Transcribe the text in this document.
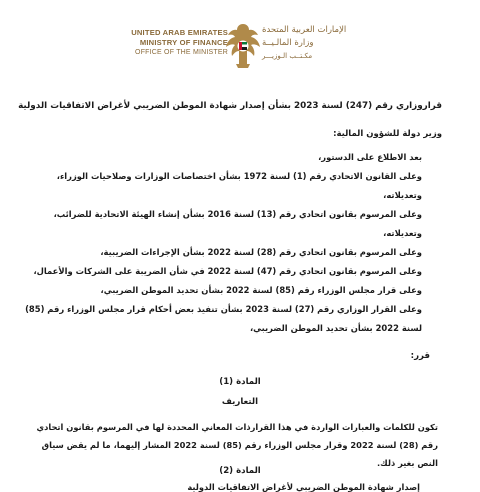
UNITED ARAB EMIRATES
MINISTRY OF FINANCE
OFFICE OF THE MINISTER
الإمارات العربية المتحدة
وزارة المالـيــة
مكـتــب الـوزيـــر

قراروزاري رقم (247) لسنة 2023 بشأن إصدار شهادة الموطن الضريبي لأغراض الاتفاقيات الدولية

وزير دولة للشؤون المالية:

بعد الاطلاع على الدستور،
وعلى القانون الاتحادي رقم (1) لسنة 1972 بشأن اختصاصات الوزارات وصلاحيات الوزراء، وتعديلاته،
وعلى المرسوم بقانون اتحادي رقم (13) لسنة 2016 بشأن إنشاء الهيئة الاتحادية للضرائب، وتعديلاته،
وعلى المرسوم بقانون اتحادي رقم (28) لسنة 2022 بشأن الإجراءات الضريبية،
وعلى المرسوم بقانون اتحادي رقم (47) لسنة 2022 في شأن الضريبة على الشركات والأعمال،
وعلى قرار مجلس الوزراء رقم (85) لسنة 2022 بشأن تحديد الموطن الضريبي،
وعلى القرار الوزاري رقم (27) لسنة 2023 بشأن تنفيذ بعض أحكام قرار مجلس الوزراء رقم (85) لسنة 2022 بشأن تحديد الموطن الضريبي،

قرر:

المادة (1)

التعاريف

تكون للكلمات والعبارات الواردة في هذا القرارذات المعاني المحددة لها في المرسوم بقانون اتحادي رقم (28) لسنة 2022 وقرار مجلس الوزراء رقم (85) لسنة 2022 المشار إليهما، ما لم يقض سياق النص بغير ذلك.

المادة (2)

إصدار شهادة الموطن الضريبي لأغراض الاتفاقيات الدولية
